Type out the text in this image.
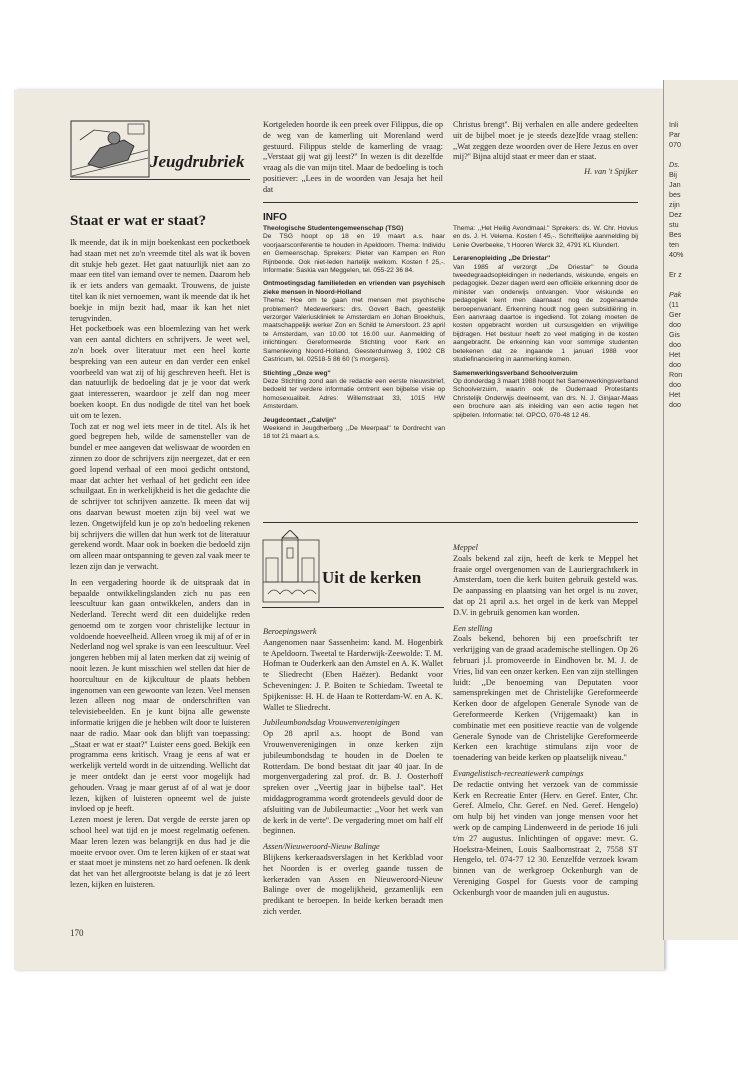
Inli
Par
070
Ds.
Bij
Jan
bes
zijn
Dez
stu
Bes
ten
40%
Er z
Pak
(11
Ger
doo
Gis
doo
Het
doo
Ron
doo
Het
doo
Jeugdrubriek
Staat er wat er staat?

Ik meende, dat ik in mijn boekenkast een pocketboek had staan met net zo'n vreemde titel als wat ik boven dit stukje heb gezet. Het gaat natuurlijk niet aan zo maar een titel van iemand over te nemen. Daarom heb ik er iets anders van gemaakt. Trouwens, de juiste titel kan ik niet vernoemen, want ik meende dat ik het boekje in mijn bezit had, maar ik kan het niet terugvinden.

Het pocketboek was een bloemlezing van het werk van een aantal dichters en schrijvers. Je weet wel, zo'n boek over literatuur met een heel korte bespreking van een auteur en dan verder een enkel voorbeeld van wat zij of hij geschreven heeft. Het is dan natuurlijk de bedoeling dat je je voor dat werk gaat interesseren, waardoor je zelf dan nog meer boeken koopt. En dus nodigde de titel van het boek uit om te lezen.

Toch zat er nog wel iets meer in de titel. Als ik het goed begrepen heb, wilde de samensteller van de bundel er mee aangeven dat weliswaar de woorden en zinnen zo door de schrijvers zijn neergezet, dat er een goed lopend verhaal of een mooi gedicht ontstond, maar dat achter het verhaal of het gedicht een idee schuilgaat. En in werkelijkheid is het die gedachte die de schrijver tot schrijven aanzette. Ik meen dat wij ons daarvan bewust moeten zijn bij veel wat we lezen. Ongetwijfeld kun je op zo'n bedoeling rekenen bij schrijvers die willen dat hun werk tot de literatuur gerekend wordt. Maar ook in boeken die bedoeld zijn om alleen maar ontspanning te geven zal vaak meer te lezen zijn dan je verwacht.

In een vergadering hoorde ik de uitspraak dat in bepaalde ontwikkelingslanden zich nu pas een leescultuur kan gaan ontwikkelen, anders dan in Nederland. Terecht werd dit een duidelijke reden genoemd om te zorgen voor christelijke lectuur in voldoende hoeveelheid. Alleen vroeg ik mij af of er in Nederland nog wel sprake is van een leescultuur. Veel jongeren hebben mij al laten merken dat zij weinig of nooit lezen. Je kunt misschien wel stellen dat hier de hoorcultuur en de kijkcultuur de plaats hebben ingenomen van een gewoonte van lezen. Veel mensen lezen alleen nog maar de onderschriften van televisiebeelden. En je kunt bijna alle gewenste informatie krijgen die je hebben wilt door te luisteren naar de radio. Maar ook dan blijft van toepassing: ,,Staat er wat er staat?'' Luister eens goed. Bekijk een programma eens kritisch. Vraag je eens af wat er werkelijk verteld wordt in de uitzending. Wellicht dat je meer ontdekt dan je eerst voor mogelijk had gehouden. Vraag je maar gerust af of al wat je door lezen, kijken of luisteren opneemt wel de juiste invloed op je heeft.

Lezen moest je leren. Dat vergde de eerste jaren op school heel wat tijd en je moest regelmatig oefenen. Maar leren lezen was belangrijk en dus had je die moeite ervoor over. Om te leren kijken of er staat wat er staat moet je minstens net zo hard oefenen. Ik denk dat het van het allergrootste belang is dat je zó leert lezen, kijken en luisteren.

Kortgeleden hoorde ik een preek over Filippus, die op de weg van de kamerling uit Morenland werd gestuurd. Filippus stelde de kamerling de vraag: ,,Verstaat gij wat gij leest?'' In wezen is dit dezelfde vraag als die van mijn titel. Maar de bedoeling is toch positiever: ,,Lees in de woorden van Jesaja het heil dat

Christus brengt''. Bij verhalen en alle andere gedeelten uit de bijbel moet je je steeds deze]fde vraag stellen: ,,Wat zeggen deze woorden over de Here Jezus en over mij?'' Bijna altijd staat er meer dan er staat.

H. van 't Spijker

INFO

Theologische Studentengemeenschap (TSG)

De TSG hoopt op 18 en 19 maart a.s. haar voorjaarsconferentie te houden in Apeldoorn. Thema: Individu en Gemeenschap. Sprekers: Pieter van Kampen en Ron Rijnbende. Ook niet-leden hartelijk welkom. Kosten f 25,-. Informatie: Saskia van Meggelen, tel. 055-22 36 84.

Ontmoetingsdag familieleden en vrienden van psychisch zieke mensen in Noord-Holland

Thema: Hoe om te gaan met mensen met psychische problemen? Medewerkers: drs. Govert Bach, geestelijk verzorger Valeriuskliniek te Amsterdam en Johan Broekhuis, maatschappelijk werker Zon en Schild te Amersfoort. 23 april te Amsterdam, van 10.00 tot 16.00 uur. Aanmelding of inlichtingen: Gereformeerde Stichting voor Kerk en Samenleving Noord-Holland, Geesterduinweg 3, 1902 CB Castricum, tel. 02518-5 86 60 ('s morgens).

Stichting ,,Onze weg''

Deze Stichting zond aan de redactie een eerste nieuwsbrief, bedoeld ter verdere informatie omtrent een bijbelse visie op homosexualiteit. Adres: Willemstraat 33, 1015 HW Amsterdam.

Jeugdcontact ,,Calvijn''

Weekend in Jeugdherberg ,,De Meerpaal'' te Dordrecht van 18 tot 21 maart a.s.

Thema: ,,Het Heilig Avondmaal.'' Sprekers: ds. W. Chr. Hovius en ds. J. H. Velema. Kosten f 45,-. Schriftelijke aanmelding bij Lenie Overbeeke, 't Hooren Werck 32, 4791 KL Klundert.

Lerarenopleiding ,,De Driestar''

Van 1985 af verzorgt ,,De Driestar'' te Gouda tweedegraadsopleidingen in nederlands, wiskunde, engels en pedagogiek. Dezer dagen werd een officiële erkenning door de minister van onderwijs ontvangen. Voor wiskunde en pedagogiek kent men daarnaast nog de zogenaamde beroepenvariant. Erkenning houdt nog geen subsidiëring in. Een aanvraag daartoe is ingediend. Tot zolang moeten de kosten opgebracht worden uit cursusgelden en vrijwillige bijdragen. Het bestuur heeft zo veel matiging in de kosten aangebracht. De erkenning kan voor sommige studenten betekenen dat ze ingaande 1 januari 1988 voor studiefinanciering in aanmerking komen.

Samenwerkingsverband Schoolverzuim

Op donderdag 3 maart 1988 hoopt het Samenwerkingsverband Schoolverzuim, waarin ook de Ouderraad Protestants Christelijk Onderwijs deelneemt, van drs. N. J. Ginjaar-Maas een brochure aan als inleiding van een actie tegen het spijbelen. Informatie: tel. OPCO, 070-48 12 46.

Uit de kerken

Beroepingswerk

Aangenomen naar Sassenheim: kand. M. Hogenbirk te Apeldoorn. Tweetal te Harderwijk-Zeewolde: T. M. Hofman te Ouderkerk aan den Amstel en A. K. Wallet te Sliedrecht (Eben Haëzer). Bedankt voor Scheveningen: J. P. Boiten te Schiedam. Tweetal te Spijkenisse: H. H. de Haan te Rotterdam-W. en A. K. Wallet te Sliedrecht.

Jubileumbondsdag Vrouwenverenigingen

Op 28 april a.s. hoopt de Bond van Vrouwenverenigingen in onze kerken zijn jubileumbondsdag te houden in de Doelen te Rotterdam. De bond bestaat dit jaar 40 jaar. In de morgenvergadering zal prof. dr. B. J. Oosterhoff spreken over ,,Veertig jaar in bijbelse taal''. Het middagprogramma wordt grotendeels gevuld door de afsluiting van de Jubileumactie: ,,Voor het werk van de kerk in de verte''. De vergadering moet om half elf beginnen.

Assen/Nieuweroord-Nieuw Balinge

Blijkens kerkeraadsverslagen in het Kerkblad voor het Noorden is er overleg gaande tussen de kerkeraden van Assen en Nieuweroord-Nieuw Balinge over de mogelijkheid, gezamenlijk een predikant te beroepen. In beide kerken beraadt men zich verder.

Meppel

Zoals bekend zal zijn, heeft de kerk te Meppel het fraaie orgel overgenomen van de Lauriergrachtkerk in Amsterdam, toen die kerk buiten gebruik gesteld was. De aanpassing en plaatsing van het orgel is nu zover, dat op 21 april a.s. het orgel in de kerk van Meppel D.V. in gebruik genomen kan worden.

Een stelling

Zoals bekend, behoren bij een proefschrift ter verkrijging van de graad academische stellingen. Op 26 februari j.l. promoveerde in Eindhoven br. M. J. de Vries, lid van een onzer kerken. Een van zijn stellingen luidt: ,,De benoeming van Deputaten voor samensprekingen met de Christelijke Gereformeerde Kerken door de afgelopen Generale Synode van de Gereformeerde Kerken (Vrijgemaakt) kan in combinatie met een positieve reactie van de volgende Generale Synode van de Christelijke Gereformeerde Kerken een krachtige stimulans zijn voor de toenadering van beide kerken op plaatselijk niveau.''

Evangelistisch-recreatiewerk campings

De redactie ontving het verzoek van de commissie Kerk en Recreatie Enter (Herv. en Geref. Enter, Chr. Geref. Almelo, Chr. Geref. en Ned. Geref. Hengelo) om hulp bij het vinden van jonge mensen voor het werk op de camping Lindenweerd in de periode 16 juli t/m 27 augustus. Inlichtingen of opgave: mevr. G. Hoekstra-Meinen, Louis Saalbornstraat 2, 7558 ST Hengelo, tel. 074-77 12 30. Eenzelfde verzoek kwam binnen van de werkgroep Ockenburgh van de Vereniging Gospel for Guests voor de camping Ockenburgh voor de maanden juli en augustus.

170
